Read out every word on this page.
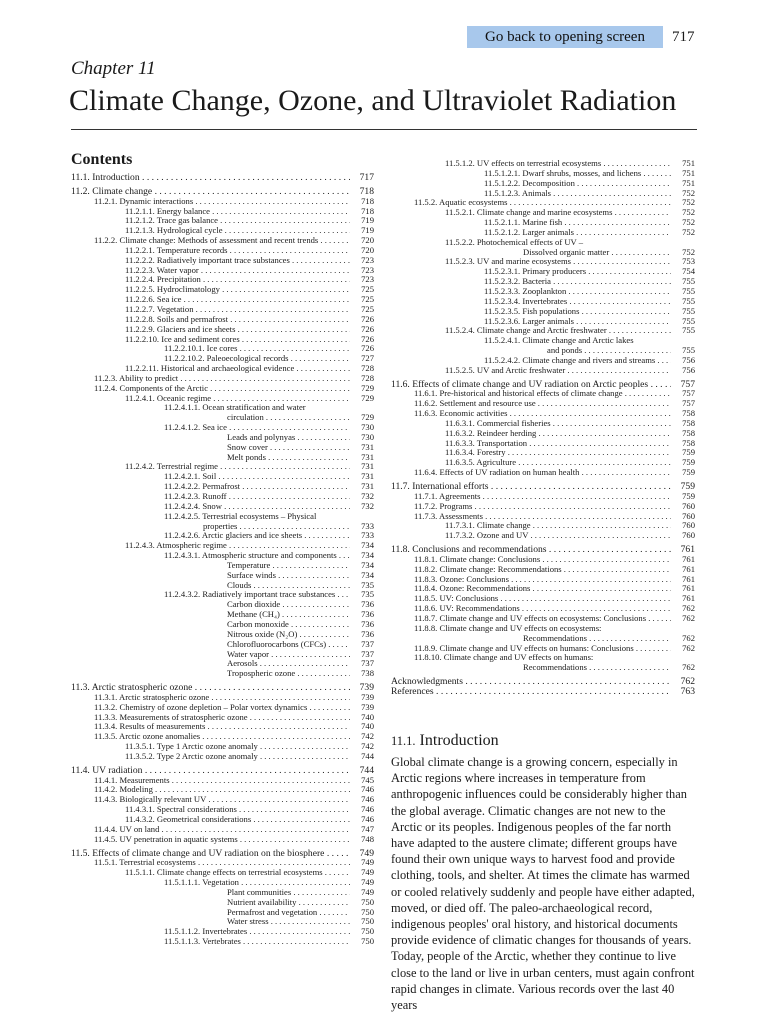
Go back to opening screen	717
Chapter 11
Climate Change, Ozone, and Ultraviolet Radiation
Contents
11.1. Introduction . . .	717
11.2. Climate change . . .	718
11.2.1. Dynamic interactions . . .	718
11.2.1.1. Energy balance . . .	718
11.2.1.2. Trace gas balance . . .	719
11.2.1.3. Hydrological cycle . . .	719
11.2.2. Climate change: Methods of assessment and recent trends . . .	720
11.2.2.1. Temperature records . . .	720
11.2.2.2. Radiatively important trace substances . . .	723
11.2.2.3. Water vapor . . .	723
11.2.2.4. Precipitation . . .	723
11.2.2.5. Hydroclimatology . . .	725
11.2.2.6. Sea ice . . .	725
11.2.2.7. Vegetation . . .	725
11.2.2.8. Soils and permafrost . . .	726
11.2.2.9. Glaciers and ice sheets . . .	726
11.2.2.10. Ice and sediment cores . . .	726
11.2.2.10.1. Ice cores . . .	726
11.2.2.10.2. Paleoecological records . . .	727
11.2.2.11. Historical and archaeological evidence . . .	728
11.2.3. Ability to predict . . .	728
11.2.4. Components of the Arctic . . .	729
11.2.4.1. Oceanic regime . . .	729
11.2.4.1.1. Ocean stratification and water
circulation . . .	729
11.2.4.1.2. Sea ice . . .	730
Leads and polynyas . . .	730
Snow cover . . .	731
Melt ponds . . .	731
11.2.4.2. Terrestrial regime . . .	731
11.2.4.2.1. Soil . . .	731
11.2.4.2.2. Permafrost . . .	731
11.2.4.2.3. Runoff . . .	732
11.2.4.2.4. Snow . . .	732
11.2.4.2.5. Terrestrial ecosystems – Physical
properties . . .	733
11.2.4.2.6. Arctic glaciers and ice sheets . . .	733
11.2.4.3. Atmospheric regime . . .	734
11.2.4.3.1. Atmospheric structure and components . . .	734
Temperature . . .	734
Surface winds . . .	734
Clouds . . .	735
11.2.4.3.2. Radiatively important trace substances . . .	735
Carbon dioxide . . .	736
Methane (CH₄) . . .	736
Carbon monoxide . . .	736
Nitrous oxide (N₂O) . . .	736
Chlorofluorocarbons (CFCs) . . .	737
Water vapor . . .	737
Aerosols . . .	737
Tropospheric ozone . . .	738
11.3. Arctic stratospheric ozone . . .	739
11.3.1. Arctic stratospheric ozone . . .	739
11.3.2. Chemistry of ozone depletion – Polar vortex dynamics . . .	739
11.3.3. Measurements of stratospheric ozone . . .	740
11.3.4. Results of measurements . . .	740
11.3.5. Arctic ozone anomalies . . .	742
11.3.5.1. Type 1 Arctic ozone anomaly . . .	742
11.3.5.2. Type 2 Arctic ozone anomaly . . .	744
11.4. UV radiation . . .	744
11.4.1. Measurements . . .	745
11.4.2. Modeling . . .	746
11.4.3. Biologically relevant UV . . .	746
11.4.3.1. Spectral considerations . . .	746
11.4.3.2. Geometrical considerations . . .	746
11.4.4. UV on land . . .	747
11.4.5. UV penetration in aquatic systems . . .	748
11.5. Effects of climate change and UV radiation on the biosphere . . .	749
11.5.1. Terrestrial ecosystems . . .	749
11.5.1.1. Climate change effects on terrestrial ecosystems . . .	749
11.5.1.1.1. Vegetation . . .	749
Plant communities . . .	749
Nutrient availability . . .	750
Permafrost and vegetation . . .	750
Water stress . . .	750
11.5.1.1.2. Invertebrates . . .	750
11.5.1.1.3. Vertebrates . . .	750
11.5.1.2. UV effects on terrestrial ecosystems . . .	751
11.5.1.2.1. Dwarf shrubs, mosses, and lichens . . .	751
11.5.1.2.2. Decomposition . . .	751
11.5.1.2.3. Animals . . .	752
11.5.2. Aquatic ecosystems . . .	752
11.5.2.1. Climate change and marine ecosystems . . .	752
11.5.2.1.1. Marine fish . . .	752
11.5.2.1.2. Larger animals . . .	752
11.5.2.2. Photochemical effects of UV –
Dissolved organic matter . . .	752
11.5.2.3. UV and marine ecosystems . . .	753
11.5.2.3.1. Primary producers . . .	754
11.5.2.3.2. Bacteria . . .	755
11.5.2.3.3. Zooplankton . . .	755
11.5.2.3.4. Invertebrates . . .	755
11.5.2.3.5. Fish populations . . .	755
11.5.2.3.6. Larger animals . . .	755
11.5.2.4. Climate change and Arctic freshwater . . .	755
11.5.2.4.1. Climate change and Arctic lakes
and ponds . . .	755
11.5.2.4.2. Climate change and rivers and streams . . .	756
11.5.2.5. UV and Arctic freshwater . . .	756
11.6. Effects of climate change and UV radiation on Arctic peoples . . .	757
11.6.1. Pre-historical and historical effects of climate change . . .	757
11.6.2. Settlement and resource use . . .	757
11.6.3. Economic activities . . .	758
11.6.3.1. Commercial fisheries . . .	758
11.6.3.2. Reindeer herding . . .	758
11.6.3.3. Transportation . . .	758
11.6.3.4. Forestry . . .	759
11.6.3.5. Agriculture . . .	759
11.6.4. Effects of UV radiation on human health . . .	759
11.7. International efforts . . .	759
11.7.1. Agreements . . .	759
11.7.2. Programs . . .	760
11.7.3. Assessments . . .	760
11.7.3.1. Climate change . . .	760
11.7.3.2. Ozone and UV . . .	760
11.8. Conclusions and recommendations . . .	761
11.8.1. Climate change: Conclusions . . .	761
11.8.2. Climate change: Recommendations . . .	761
11.8.3. Ozone: Conclusions . . .	761
11.8.4. Ozone: Recommendations . . .	761
11.8.5. UV: Conclusions . . .	761
11.8.6. UV: Recommendations . . .	762
11.8.7. Climate change and UV effects on ecosystems: Conclusions . . .	762
11.8.8. Climate change and UV effects on ecosystems:
Recommendations . . .	762
11.8.9. Climate change and UV effects on humans: Conclusions . . .	762
11.8.10. Climate change and UV effects on humans:
Recommendations . . .	762
Acknowledgments . . .	762
References . . .	763
11.1. Introduction

Global climate change is a growing concern, especially in Arctic regions where increases in temperature from anthropogenic influences could be considerably higher than the global average. Climatic changes are not new to the Arctic or its peoples. Indigenous peoples of the far north have adapted to the austere climate; different groups have found their own unique ways to harvest food and provide clothing, tools, and shelter. At times the climate has warmed or cooled relatively suddenly and people have either adapted, moved, or died off. The paleo-archaeological record, indigenous peoples' oral history, and historical documents provide evidence of climatic changes for thousands of years. Today, people of the Arctic, whether they continue to live close to the land or live in urban centers, must again confront rapid changes in climate. Various records over the last 40 years
